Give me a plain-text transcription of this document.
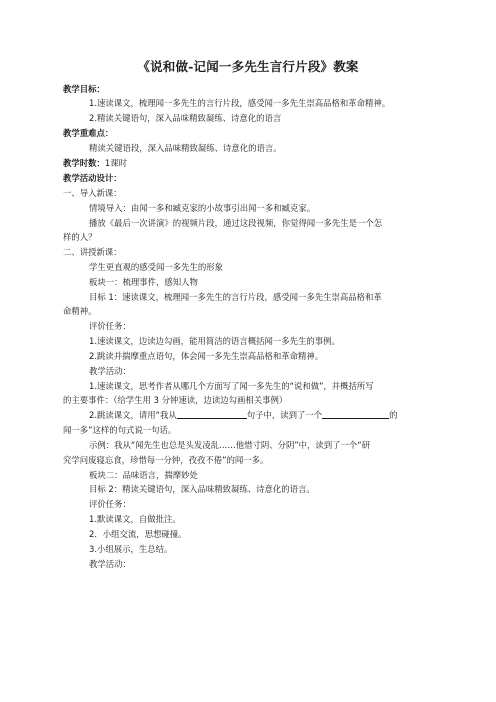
《说和做-记闻一多先生言行片段》教案
教学目标：
1.速读课文，梳理闻一多先生的言行片段，感受闻一多先生崇高品格和革命精神。
2.精读关键语句，深入品味精致凝练、诗意化的语言
教学重难点：
精读关键语段，深入品味精致凝练、诗意化的语言。
教学时数：1课时
教学活动设计：
一、导入新课：
情境导入：由闻一多和臧克家的小故事引出闻一多和臧克家。
播放《最后一次讲演》的视频片段，通过这段视频，你觉得闻一多先生是一个怎
样的人？
二、讲授新课：
学生更直观的感受闻一多先生的形象
板块一：梳理事件，感知人物
目标 1：速读课文，梳理闻一多先生的言行片段，感受闻一多先生崇高品格和革
命精神。
评价任务：
1.速读课文，边读边勾画，能用简洁的语言概括闻一多先生的事例。
2.跳读并揣摩重点语句，体会闻一多先生崇高品格和革命精神。
教学活动：
1.速读课文，思考作者从哪几个方面写了闻一多先生的“说和做”，并概括所写
的主要事件：（给学生用 3 分钟速读，边读边勾画相关事例）
2.跳读课文，请用“我从	句子中，读到了一个	的
闻一多”这样的句式说一句话。
示例：我从“闻先生也总是头发凌乱……他惜寸阴、分阴”中，读到了一个“研
究学问废寝忘食，珍惜每一分钟，孜孜不倦”的闻一多。
板块二：品味语言，揣摩妙处
目标 2：精读关键语句，深入品味精致凝练、诗意化的语言。
评价任务：
1.默读课文，自做批注。
2．小组交流，思想碰撞。
3.小组展示，生总结。
教学活动：
